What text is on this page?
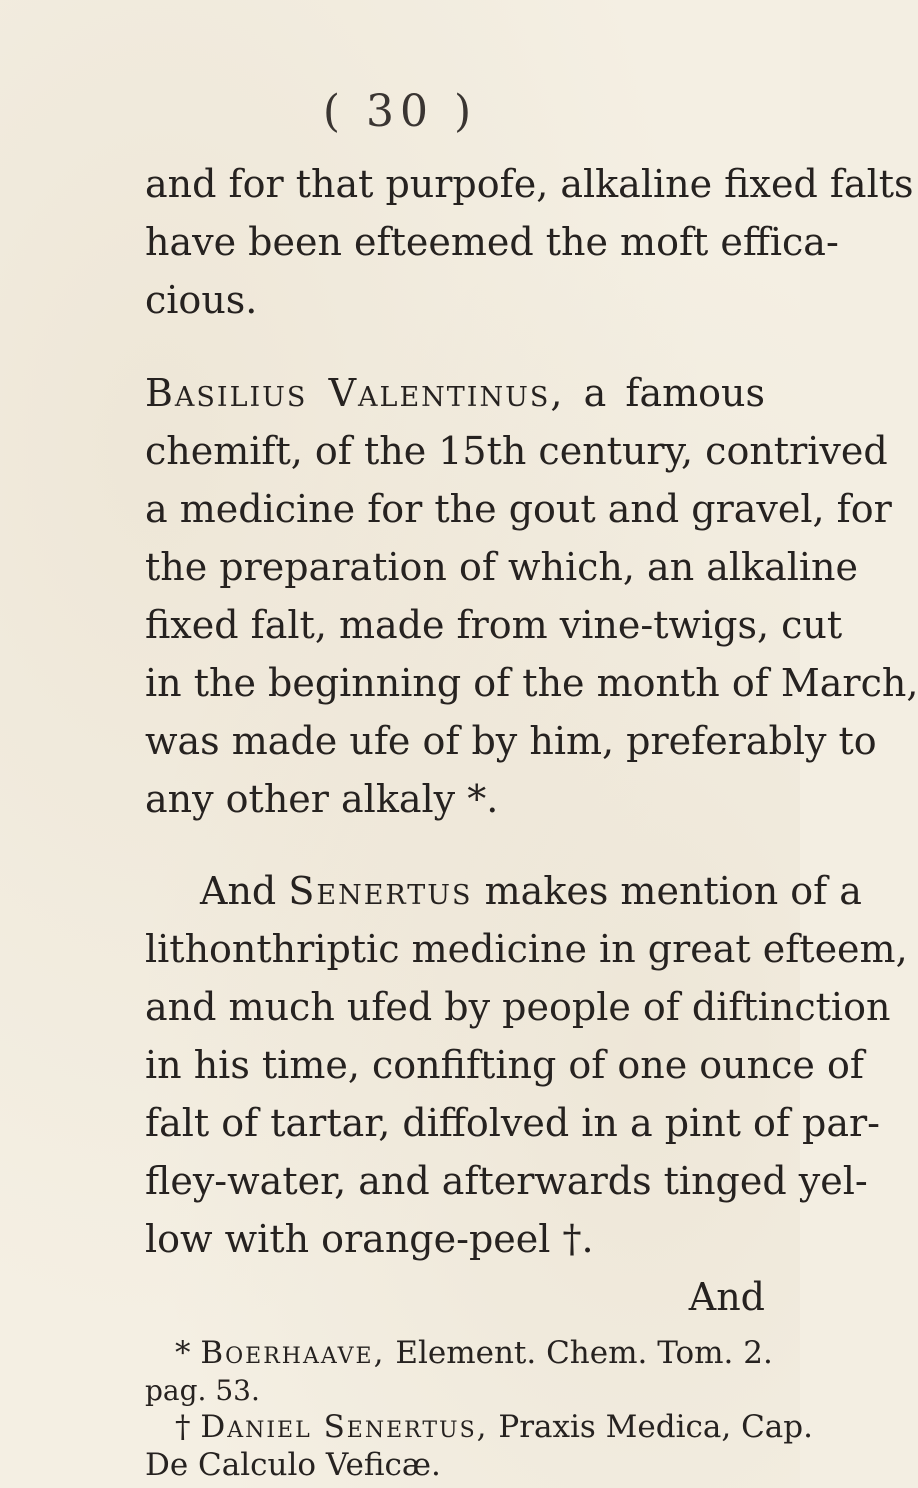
( 30 )
and for that purpofe, alkaline fixed falts
have been efteemed the moft effica-
cious.
Basilius Valentinus, a famous
chemift, of the 15th century, contrived
a medicine for the gout and gravel, for
the preparation of which, an alkaline
fixed falt, made from vine-twigs, cut
in the beginning of the month of March,
was made ufe of by him, preferably to
any other alkaly *.
And Senertus makes mention of a
lithonthriptic medicine in great efteem,
and much ufed by people of diftinction
in his time, confifting of one ounce of
falt of tartar, diffolved in a pint of par-
fley-water, and afterwards tinged yel-
low with orange-peel †.
And
* Boerhaave, Element. Chem. Tom. 2.
pag. 53.
† Daniel Senertus, Praxis Medica, Cap.
De Calculo Veficæ.
